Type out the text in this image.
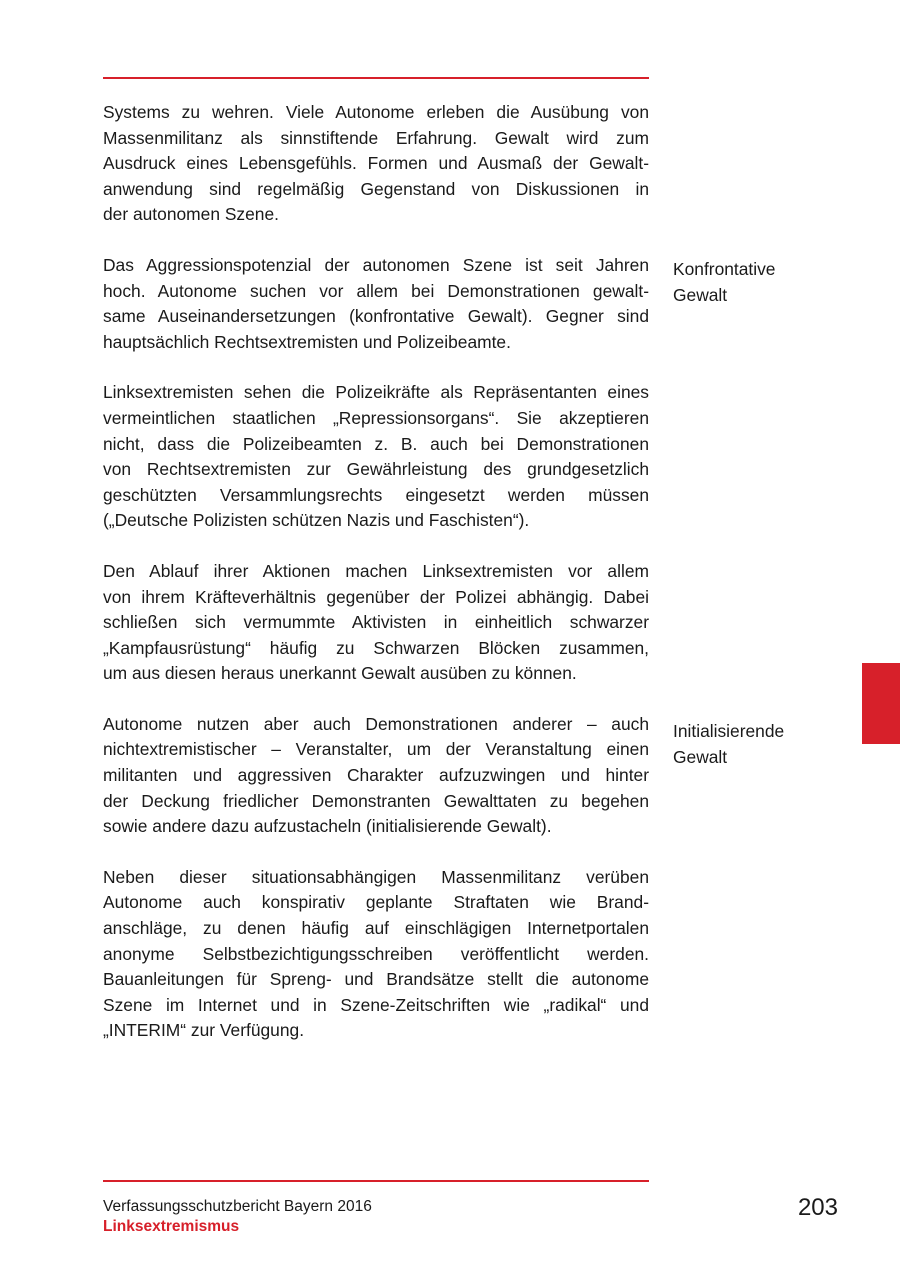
Systems zu wehren. Viele Autonome erleben die Ausübung von
Massenmilitanz als sinnstiftende Erfahrung. Gewalt wird zum
Ausdruck eines Lebensgefühls. Formen und Ausmaß der Gewalt-
anwendung sind regelmäßig Gegenstand von Diskussionen in
der autonomen Szene.

Das Aggressionspotenzial der autonomen Szene ist seit Jahren
hoch. Autonome suchen vor allem bei Demonstrationen gewalt-
same Auseinandersetzungen (konfrontative Gewalt). Gegner sind
hauptsächlich Rechtsextremisten und Polizeibeamte.

Linksextremisten sehen die Polizeikräfte als Repräsentanten eines
vermeintlichen staatlichen „Repressionsorgans“. Sie akzeptieren
nicht, dass die Polizeibeamten z. B. auch bei Demonstrationen
von Rechtsextremisten zur Gewährleistung des grundgesetzlich
geschützten Versammlungsrechts eingesetzt werden müssen
(„Deutsche Polizisten schützen Nazis und Faschisten“).

Den Ablauf ihrer Aktionen machen Linksextremisten vor allem
von ihrem Kräfteverhältnis gegenüber der Polizei abhängig. Dabei
schließen sich vermummte Aktivisten in einheitlich schwarzer
„Kampfausrüstung“ häufig zu Schwarzen Blöcken zusammen,
um aus diesen heraus unerkannt Gewalt ausüben zu können.

Autonome nutzen aber auch Demonstrationen anderer – auch
nichtextremistischer – Veranstalter, um der Veranstaltung einen
militanten und aggressiven Charakter aufzuzwingen und hinter
der Deckung friedlicher Demonstranten Gewalttaten zu begehen
sowie andere dazu aufzustacheln (initialisierende Gewalt).

Neben dieser situationsabhängigen Massenmilitanz verüben
Autonome auch konspirativ geplante Straftaten wie Brand-
anschläge, zu denen häufig auf einschlägigen Internetportalen
anonyme Selbstbezichtigungsschreiben veröffentlicht werden.
Bauanleitungen für Spreng- und Brandsätze stellt die autonome
Szene im Internet und in Szene-Zeitschriften wie „radikal“ und
„INTERIM“ zur Verfügung.

Konfrontative
Gewalt
Initialisierende
Gewalt
Verfassungsschutzbericht Bayern 2016
Linksextremismus
203
